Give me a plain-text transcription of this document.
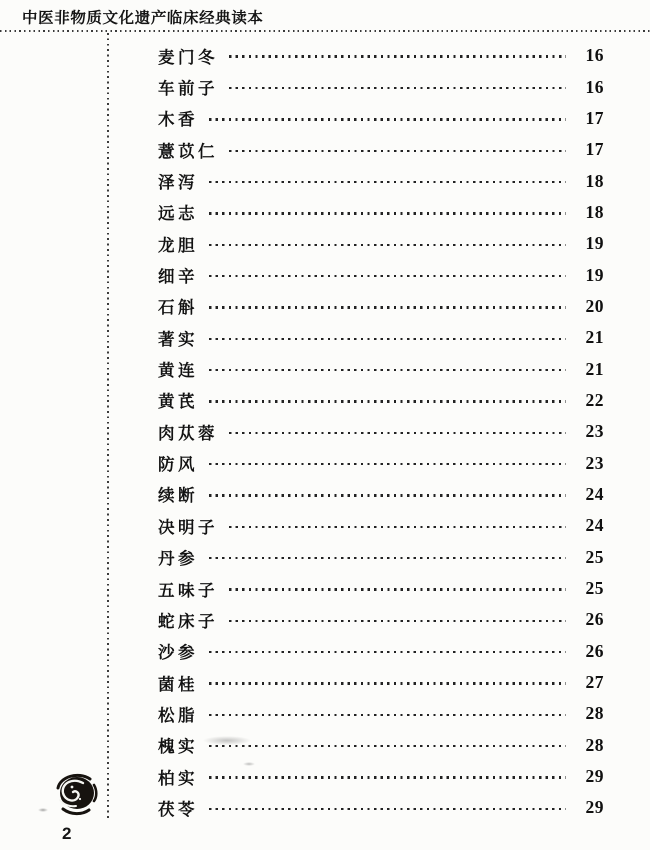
中医非物质文化遗产临床经典读本
麦门冬	16
车前子	16
木香	17
薏苡仁	17
泽泻	18
远志	18
龙胆	19
细辛	19
石斛	20
著实	21
黄连	21
黄芪	22
肉苁蓉	23
防风	23
续断	24
决明子	24
丹参	25
五味子	25
蛇床子	26
沙参	26
菌桂	27
松脂	28
槐实	28
柏实	29
茯苓	29
2
